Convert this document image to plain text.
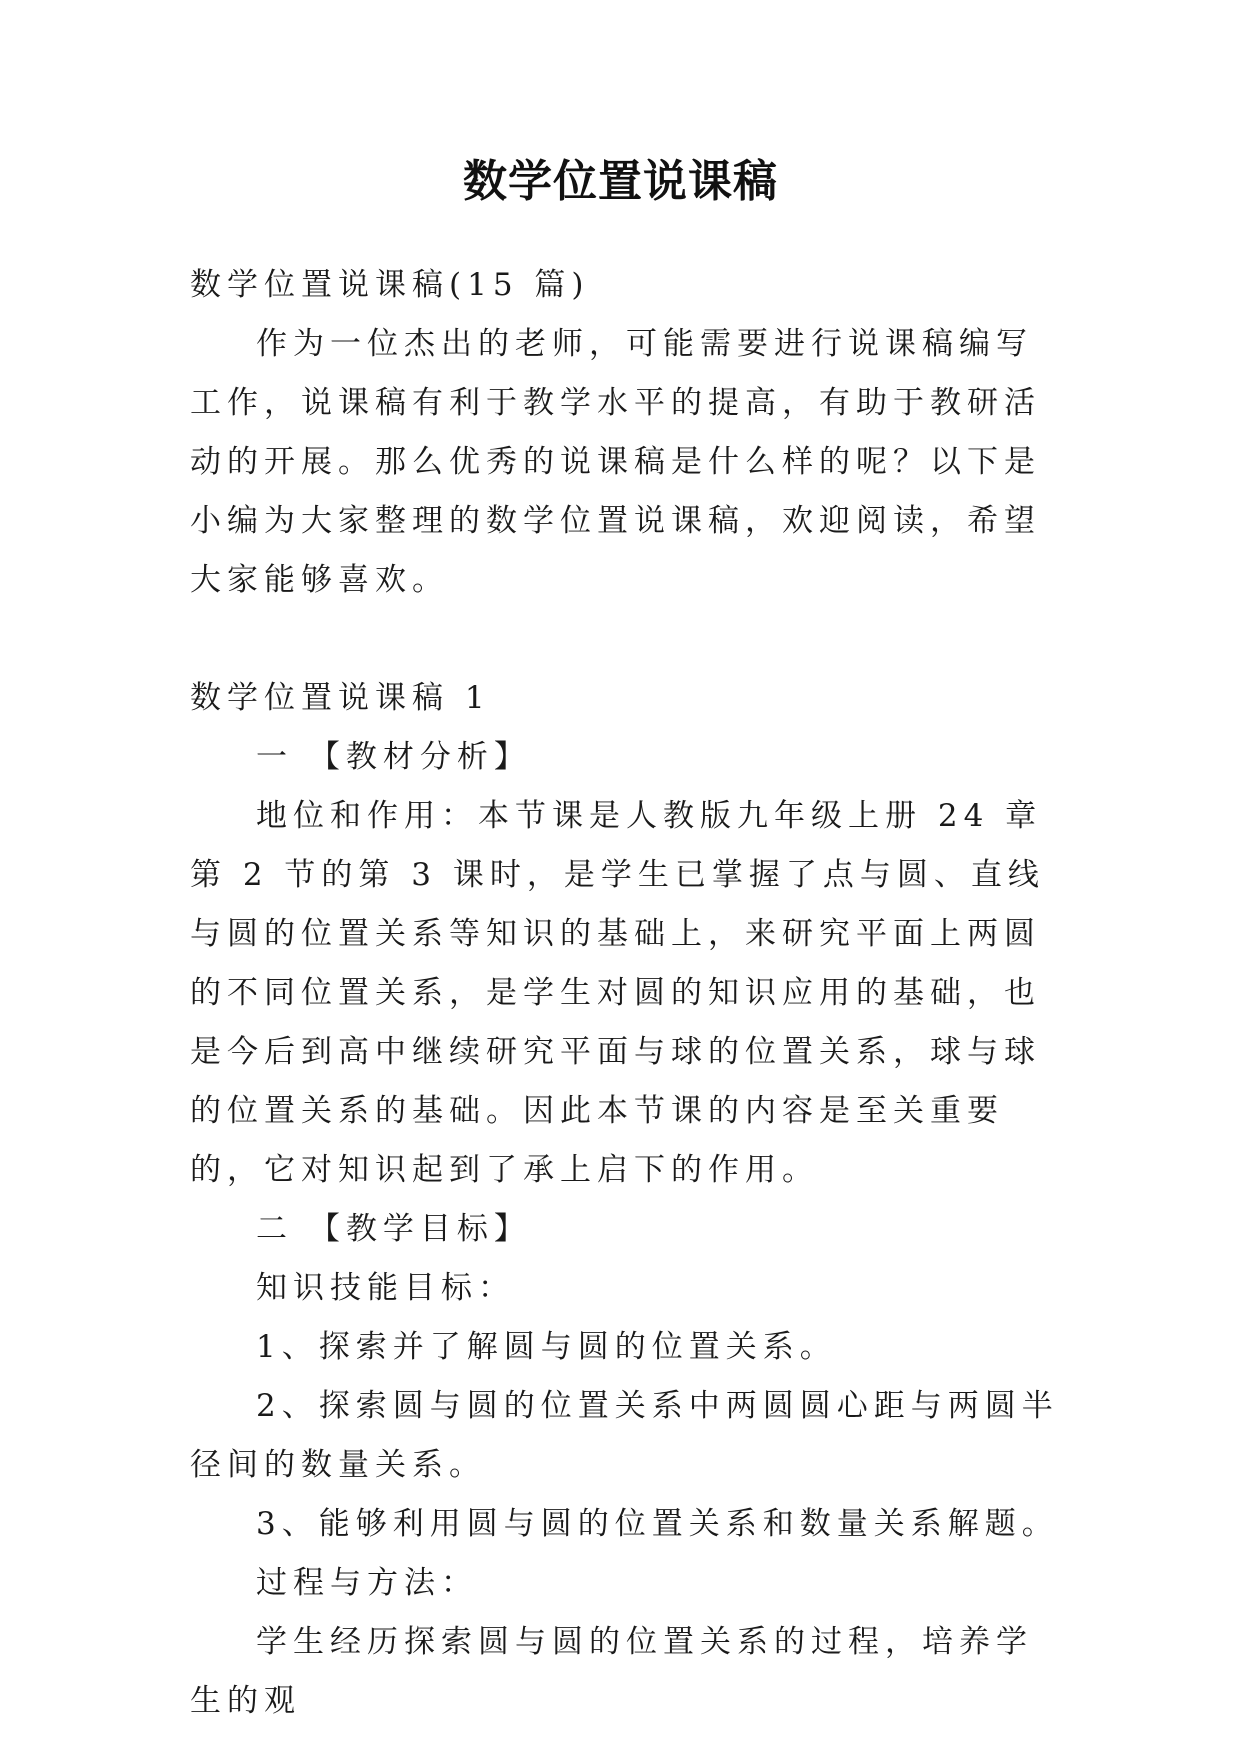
数学位置说课稿

数学位置说课稿(15 篇)

作为一位杰出的老师，可能需要进行说课稿编写工作，说课稿有利于教学水平的提高，有助于教研活动的开展。那么优秀的说课稿是什么样的呢？以下是小编为大家整理的数学位置说课稿，欢迎阅读，希望大家能够喜欢。

数学位置说课稿 1

一 【教材分析】

地位和作用：本节课是人教版九年级上册 24 章第 2 节的第 3 课时，是学生已掌握了点与圆、直线与圆的位置关系等知识的基础上，来研究平面上两圆的不同位置关系，是学生对圆的知识应用的基础，也是今后到高中继续研究平面与球的位置关系，球与球的位置关系的基础。因此本节课的内容是至关重要的，它对知识起到了承上启下的作用。

二 【教学目标】

知识技能目标：

1、探索并了解圆与圆的位置关系。

2、探索圆与圆的位置关系中两圆圆心距与两圆半径间的数量关系。

3、能够利用圆与圆的位置关系和数量关系解题。

过程与方法：

学生经历探索圆与圆的位置关系的过程，培养学生的观
